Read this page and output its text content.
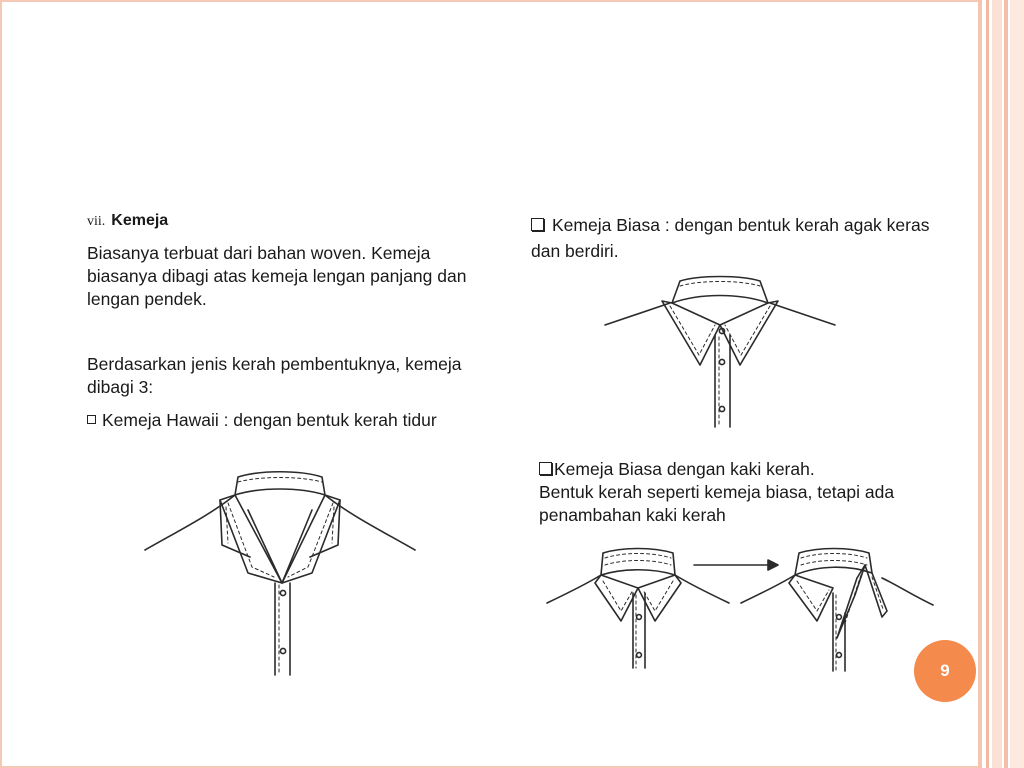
vii. Kemeja
Biasanya terbuat dari bahan woven. Kemeja biasanya dibagi atas kemeja lengan panjang dan lengan pendek.
Berdasarkan jenis kerah pembentuknya, kemeja dibagi 3:
Kemeja Hawaii : dengan bentuk kerah tidur
Kemeja Biasa : dengan bentuk kerah agak keras dan berdiri.
Kemeja Biasa dengan kaki kerah.
Bentuk kerah seperti kemeja biasa, tetapi ada penambahan kaki kerah
9
